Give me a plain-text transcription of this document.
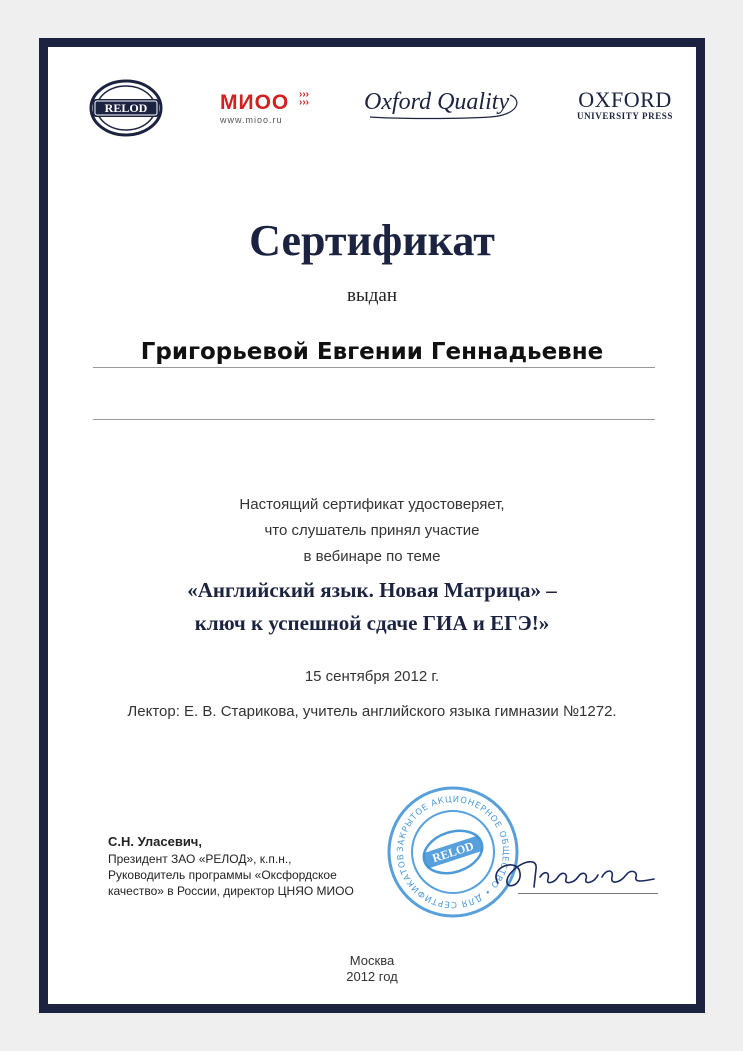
RELOD	МИОО ›››
›››
www.mioo.ru
Oxford Quality	OXFORD
UNIVERSITY PRESS
Сертификат
выдан
Григорьевой Евгении Геннадьевне
Настоящий сертификат удостоверяет,
что слушатель принял участие
в вебинаре по теме
«Английский язык. Новая Матрица» –
ключ к успешной сдаче ГИА и ЕГЭ!»
15 сентября 2012 г.
Лектор: Е. В. Старикова, учитель английского языка гимназии №1272.
С.Н. Уласевич,
Президент ЗАО «РЕЛОД», к.п.н.,
Руководитель программы «Оксфордское
качество» в России, директор ЦНЯО МИОО
ЗАКРЫТОЕ АКЦИОНЕРНОЕ ОБЩЕСТВО • ДЛЯ СЕРТИФИКАТОВ	RELOD
Москва
2012 год
